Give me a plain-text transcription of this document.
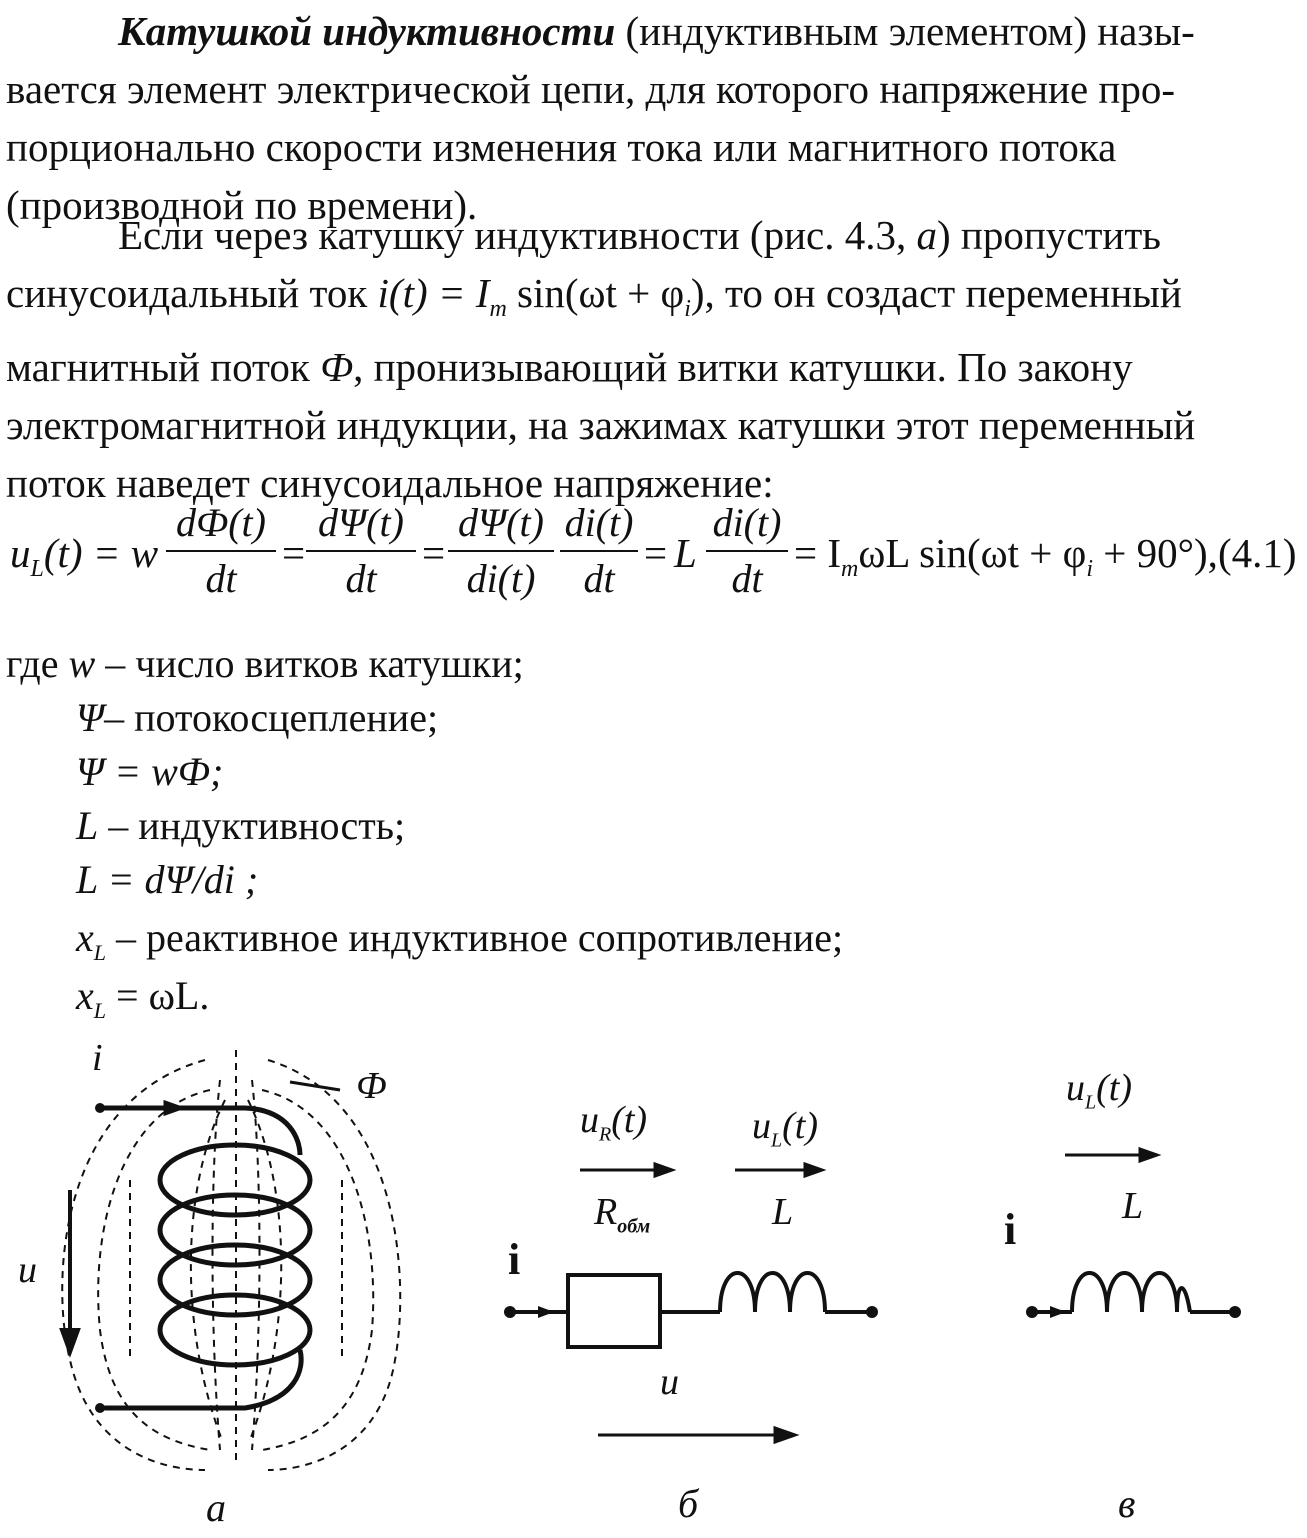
Катушкой индуктивности (индуктивным элементом) назы-
вается элемент электрической цепи, для которого напряжение про-
порционально скорости изменения тока или магнитного потока
(производной по времени).

Если через катушку индуктивности (рис. 4.3, а) пропустить
синусоидальный ток $i(t) = I_m$ $\sin(\omega t + \varphi_i)$, то он создаст переменный
магнитный поток Ф, пронизывающий витки катушки. По закону
электромагнитной индукции, на зажимах катушки этот переменный
поток наведет синусоидальное напряжение:

$u_L(t) = w$
dФ(t)
dt
=
dΨ(t)
dt
=
dΨ(t)
di(t)
di(t)
dt
= L
di(t)
dt
= $I_m\omega L$ $\sin(\omega t + \varphi_i + 90^\circ)$, (4.1)
где w – число витков катушки;
Ψ– потокосцепление;
Ψ = wФ;
L – индуктивность;
L = dΨ/di ;
$x_L$ – реактивное индуктивное сопротивление;
$x_L = \omega L$.
i
u
Ф
а
$u_R(t)$	$u_L(t)$
$R_{обм}$	L
i
u
б
$u_L(t)$
L
i
в
